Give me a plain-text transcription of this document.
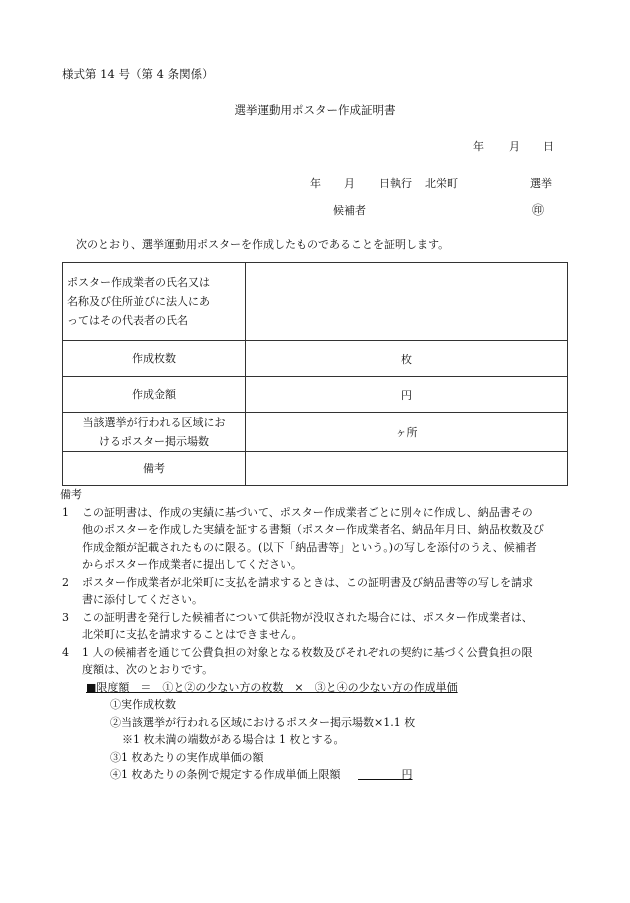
様式第 14 号（第 4 条関係）
選挙運動用ポスター作成証明書
年 月 日
年 月 日執行 北栄町	選挙
候補者	㊞
次のとおり、選挙運動用ポスターを作成したものであることを証明します。
ポスター作成業者の氏名又は
名称及び住所並びに法人にあ
ってはその代表者の氏名	

作成枚数	枚
作成金額	円

当該選挙が行われる区域にお
けるポスター掲示場数	ヶ所
備考	
備考
1	この証明書は、作成の実績に基づいて、ポスター作成業者ごとに別々に作成し、納品書その
他のポスターを作成した実績を証する書類（ポスター作成業者名、納品年月日、納品枚数及び
作成金額が記載されたものに限る。(以下「納品書等」という。)の写しを添付のうえ、候補者
からポスター作成業者に提出してください。
2	ポスター作成業者が北栄町に支払を請求するときは、この証明書及び納品書等の写しを請求
書に添付してください。
3	この証明書を発行した候補者について供託物が没収された場合には、ポスター作成業者は、
北栄町に支払を請求することはできません。
4	1 人の候補者を通じて公費負担の対象となる枚数及びそれぞれの契約に基づく公費負担の限
度額は、次のとおりです。
■限度額　＝　①と②の少ない方の枚数　×　③と④の少ない方の作成単価
①実作成枚数
②当該選挙が行われる区域におけるポスター掲示場数×1.1 枚
※1 枚未満の端数がある場合は 1 枚とする。
③1 枚あたりの実作成単価の額
④1 枚あたりの条例で規定する作成単価上限額	円
